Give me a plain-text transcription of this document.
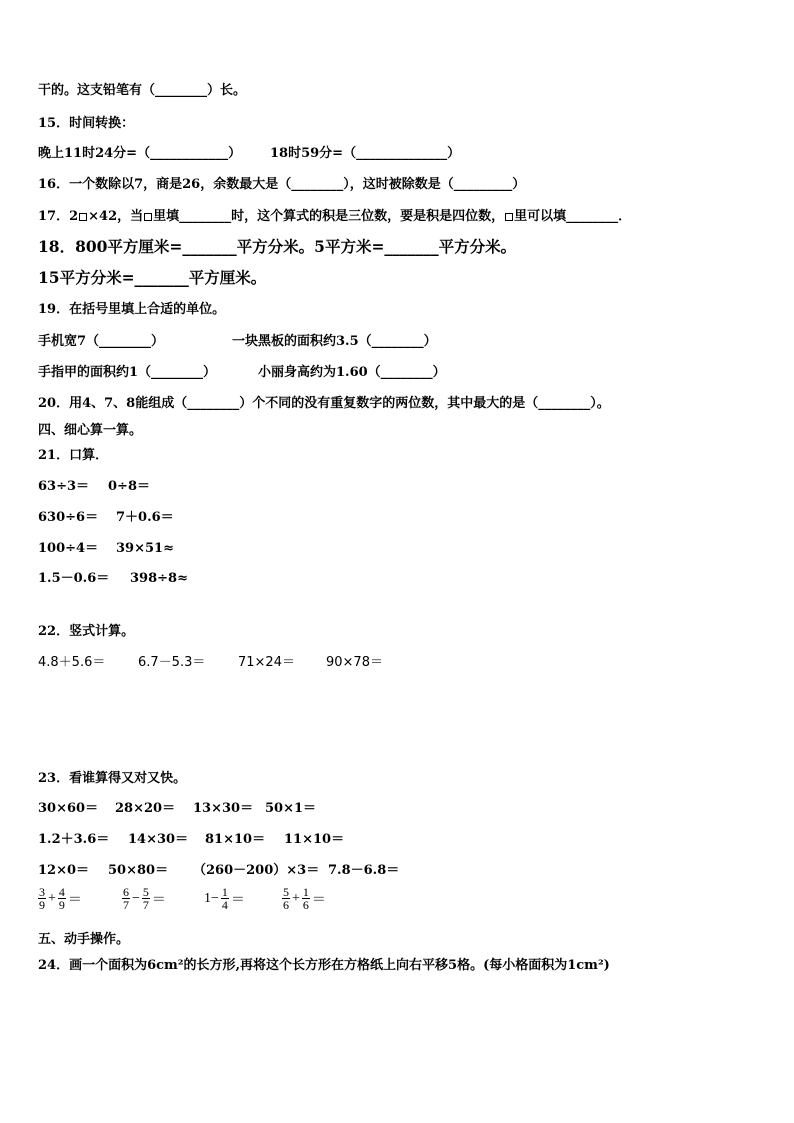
干的。这支铅笔有（________）长。
15．时间转换：
晚上11时24分=（____________） 18时59分=（______________）
16．一个数除以7，商是26，余数最大是（________），这时被除数是（_________）
17．2 ×42，当 里填________时，这个算式的积是三位数，要是积是四位数， 里可以填________．
18．800平方厘米=_______平方分米。5平方米=_______平方分米。
15平方分米=_______平方厘米。
19．在括号里填上合适的单位。
手机宽7（________）	一块黑板的面积约3.5（________）
手指甲的面积约1（________）	小丽身高约为1.60（________）
20．用4、7、8能组成（________）个不同的没有重复数字的两位数，其中最大的是（________）。
四、细心算一算。
21．口算．
63÷3＝ 0÷8＝
630÷6＝ 7＋0.6＝
100÷4＝ 39×51≈
1.5－0.6＝ 398÷8≈
22．竖式计算。
4.8＋5.6＝	6.7－5.3＝	71×24＝ 90×78＝
23．看谁算得又对又快。
30×60＝ 28×20＝ 13×30＝ 50×1＝
1.2＋3.6＝ 14×30＝ 81×10＝ 11×10＝
12×0＝ 50×80＝ （260－200）×3＝ 7.8－6.8＝
$\frac{3}{9} + \frac{4}{9}$ ＝	$\frac{6}{7} - \frac{5}{7}$ ＝	$1- \frac{1}{4}$ ＝	$\frac{5}{6} + \frac{1}{6}$ ＝
五、动手操作。
24．画一个面积为6cm²的长方形,再将这个长方形在方格纸上向右平移5格。(每小格面积为1cm²)
